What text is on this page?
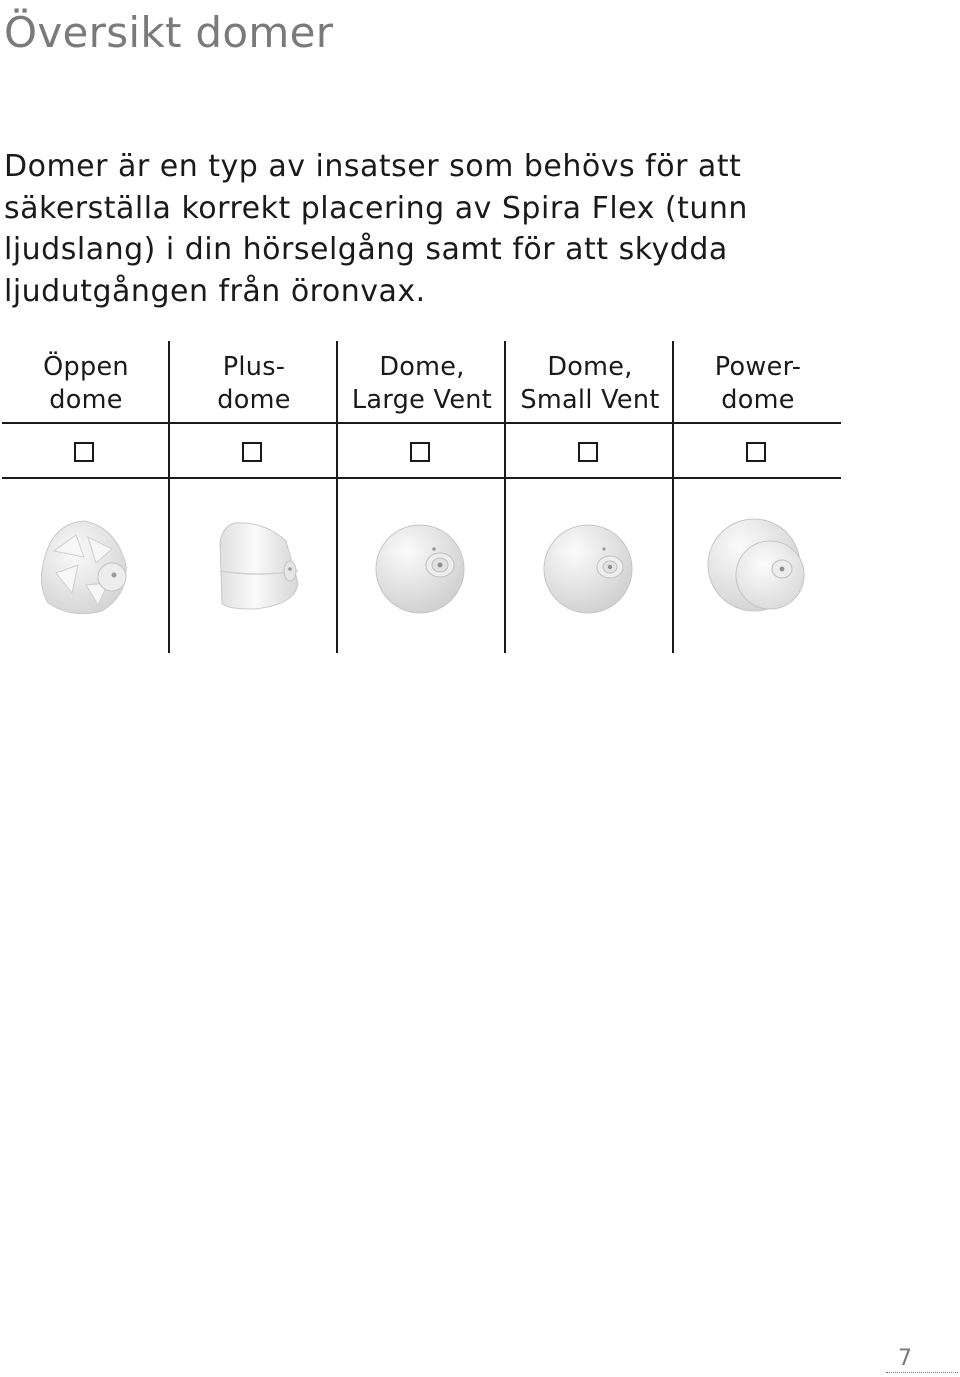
Översikt domer

Domer är en typ av insatser som behövs för att
säkerställa korrekt placering av Spira Flex (tunn
ljudslang) i din hörselgång samt för att skydda
ljudutgången från öronvax.

Öppen
dome
Plus-
dome
Dome,
Large Vent
Dome,
Small Vent
Power-
dome
7
